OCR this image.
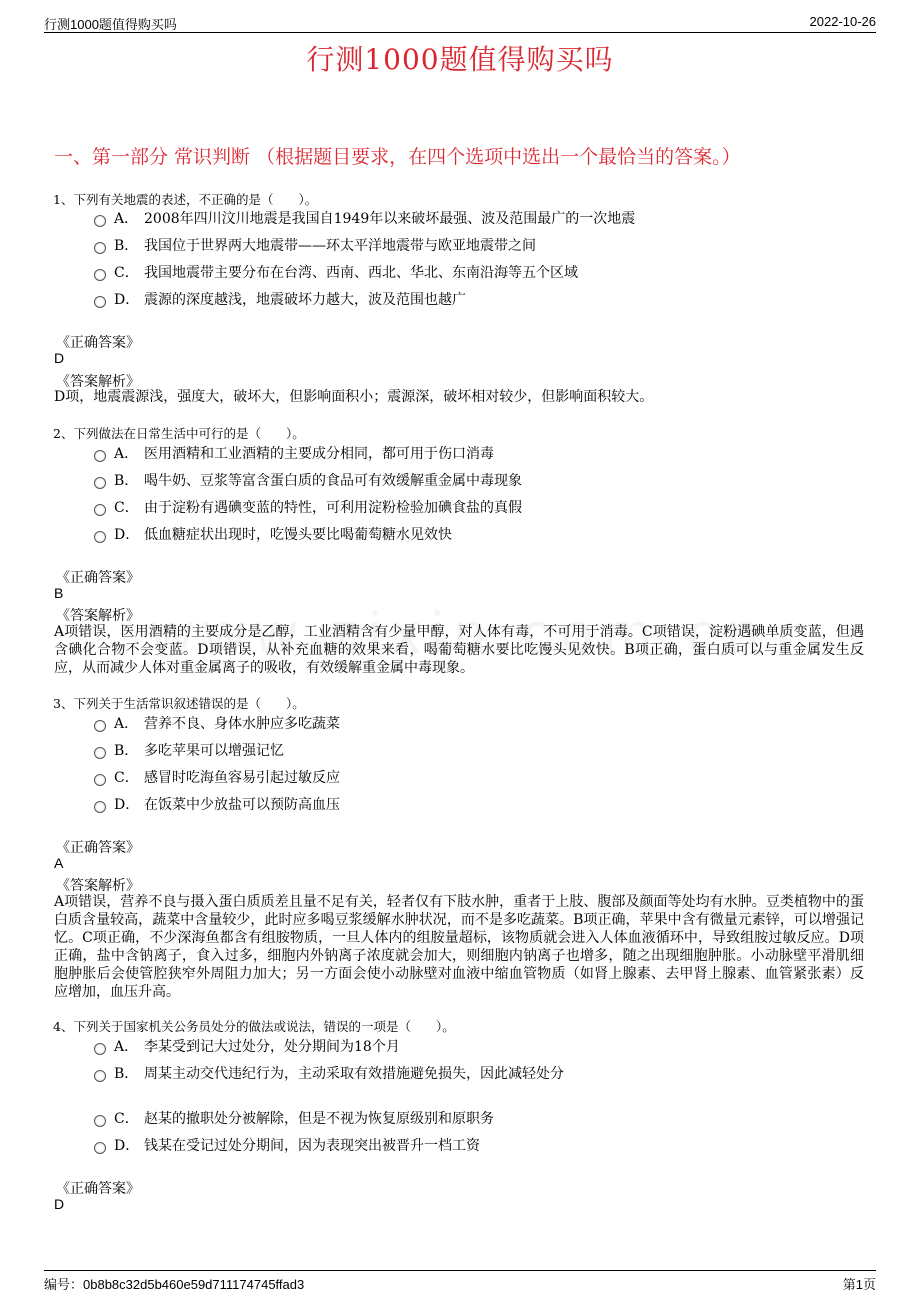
行测1000题值得购买吗	2022-10-26
行测1000题值得购买吗
一、第一部分 常识判断 （根据题目要求，在四个选项中选出一个最恰当的答案。）
1、下列有关地震的表述，不正确的是（　　）。
A． 2008年四川汶川地震是我国自1949年以来破坏最强、波及范围最广的一次地震
B． 我国位于世界两大地震带——环太平洋地震带与欧亚地震带之间
C． 我国地震带主要分布在台湾、西南、西北、华北、东南沿海等五个区域
D． 震源的深度越浅，地震破坏力越大，波及范围也越广
《正确答案》
D
《答案解析》
D项，地震震源浅，强度大，破坏大，但影响面积小；震源深，破坏相对较少，但影响面积较大。
2、下列做法在日常生活中可行的是（　　）。
A． 医用酒精和工业酒精的主要成分相同，都可用于伤口消毒
B． 喝牛奶、豆浆等富含蛋白质的食品可有效缓解重金属中毒现象
C． 由于淀粉有遇碘变蓝的特性，可利用淀粉检验加碘食盐的真假
D． 低血糖症状出现时，吃馒头要比喝葡萄糖水见效快
《正确答案》
B
《答案解析》
A项错误，医用酒精的主要成分是乙醇，工业酒精含有少量甲醇，对人体有毒，不可用于消毒。C项错误，淀粉遇碘单质变蓝，但遇含碘化合物不会变蓝。D项错误，从补充血糖的效果来看，喝葡萄糖水要比吃馒头见效快。B项正确，蛋白质可以与重金属发生反应，从而减少人体对重金属离子的吸收，有效缓解重金属中毒现象。
3、下列关于生活常识叙述错误的是（　　）。
A． 营养不良、身体水肿应多吃蔬菜
B． 多吃苹果可以增强记忆
C． 感冒时吃海鱼容易引起过敏反应
D． 在饭菜中少放盐可以预防高血压
《正确答案》
A
《答案解析》
A项错误，营养不良与摄入蛋白质质差且量不足有关，轻者仅有下肢水肿，重者于上肢、腹部及颜面等处均有水肿。豆类植物中的蛋白质含量较高，蔬菜中含量较少，此时应多喝豆浆缓解水肿状况，而不是多吃蔬菜。B项正确，苹果中含有微量元素锌，可以增强记忆。C项正确，不少深海鱼都含有组胺物质，一旦人体内的组胺量超标，该物质就会进入人体血液循环中，导致组胺过敏反应。D项正确，盐中含钠离子，食入过多，细胞内外钠离子浓度就会加大，则细胞内钠离子也增多，随之出现细胞肿胀。小动脉壁平滑肌细胞肿胀后会使管腔狭窄外周阻力加大；另一方面会使小动脉壁对血液中缩血管物质（如肾上腺素、去甲肾上腺素、血管紧张素）反应增加，血压升高。
4、下列关于国家机关公务员处分的做法或说法，错误的一项是（　　）。
A． 李某受到记大过处分，处分期间为18个月
B． 周某主动交代违纪行为，主动采取有效措施避免损失，因此减轻处分
C． 赵某的撤职处分被解除，但是不视为恢复原级别和原职务
D． 钱某在受记过处分期间，因为表现突出被晋升一档工资
《正确答案》
D
编号：0b8b8c32d5b460e59d711174745ffad3	第1页
